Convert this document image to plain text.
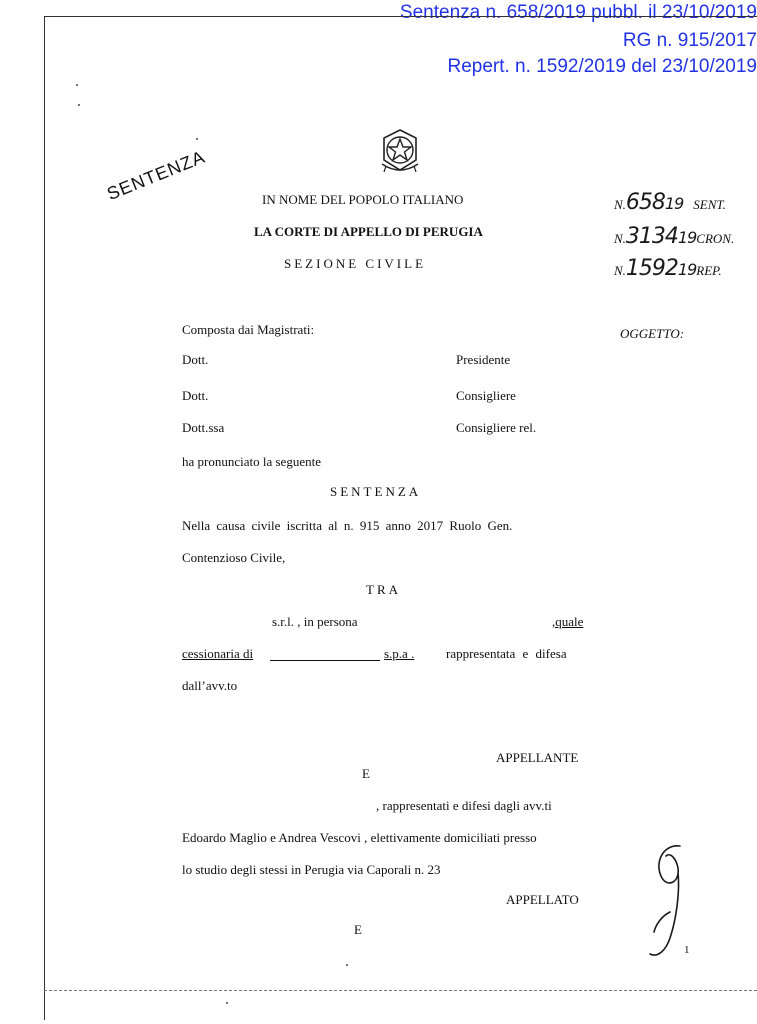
Sentenza n. 658/2019 pubbl. il 23/10/2019
RG n. 915/2017
Repert. n. 1592/2019 del 23/10/2019
SENTENZA	IN NOME DEL POPOLO ITALIANO
LA CORTE DI APPELLO DI PERUGIA
SEZIONE CIVILE
N.65819 SENT.
N.313419CRON.
N.159219REP.
OGGETTO:
Composta dai Magistrati:
Dott.	Presidente
Dott.	Consigliere
Dott.ssa	Consigliere rel.
ha pronunciato la seguente
SENTENZA
Nella causa civile iscritta al n. 915 anno 2017 Ruolo Gen.
Contenzioso Civile,
TRA
s.r.l. , in persona	,quale
cessionaria di	s.p.a . rappresentata e difesa
dall’avv.to
APPELLANTE
E
, rappresentati e difesi dagli avv.ti
Edoardo Maglio e Andrea Vescovi , elettivamente domiciliati presso
lo studio degli stessi in Perugia via Caporali n. 23
APPELLATO
E
1
